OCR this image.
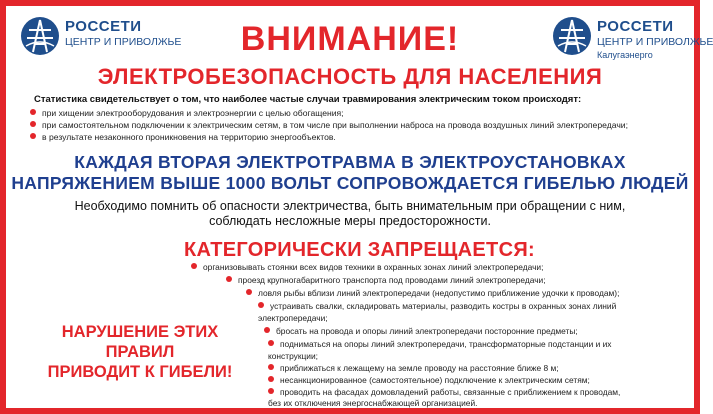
РОССЕТИ
ЦЕНТР И ПРИВОЛЖЬЕ
РОССЕТИ
ЦЕНТР И ПРИВОЛЖЬЕ
Калугаэнерго
ВНИМАНИЕ!
ЭЛЕКТРОБЕЗОПАСНОСТЬ ДЛЯ НАСЕЛЕНИЯ
Статистика свидетельствует о том, что наиболее частые случаи травмирования электрическим током происходят:
при хищении электрооборудования и электроэнергии с целью обогащения;
при самостоятельном подключении к электрическим сетям, в том числе при выполнении наброса на провода воздушных линий электропередачи;
в результате незаконного проникновения на территорию энергообъектов.
КАЖДАЯ ВТОРАЯ ЭЛЕКТРОТРАВМА В ЭЛЕКТРОУСТАНОВКАХ
НАПРЯЖЕНИЕМ ВЫШЕ 1000 ВОЛЬТ СОПРОВОЖДАЕТСЯ ГИБЕЛЬЮ ЛЮДЕЙ
Необходимо помнить об опасности электричества, быть внимательным при обращении с ним,
соблюдать несложные меры предосторожности.
КАТЕГОРИЧЕСКИ ЗАПРЕЩАЕТСЯ:
НАРУШЕНИЕ ЭТИХ ПРАВИЛ
ПРИВОДИТ К ГИБЕЛИ!
организовывать стоянки всех видов техники в охранных зонах линий электропередачи;
проезд крупногабаритного транспорта под проводами линий электропередачи;
ловля рыбы вблизи линий электропередачи (недопустимо приближение удочки к проводам);
устраивать свалки, складировать материалы, разводить костры в охранных зонах линий
электропередачи;
бросать на провода и опоры линий электропередачи посторонние предметы;
подниматься на опоры линий электропередачи, трансформаторные подстанции и их
конструкции;
приближаться к лежащему на земле проводу на расстояние ближе 8 м;
несанкционированное (самостоятельное) подключение к электрическим сетям;
проводить на фасадах домовладений работы, связанные с приближением к проводам,
без их отключения энергоснабжающей организацией.
